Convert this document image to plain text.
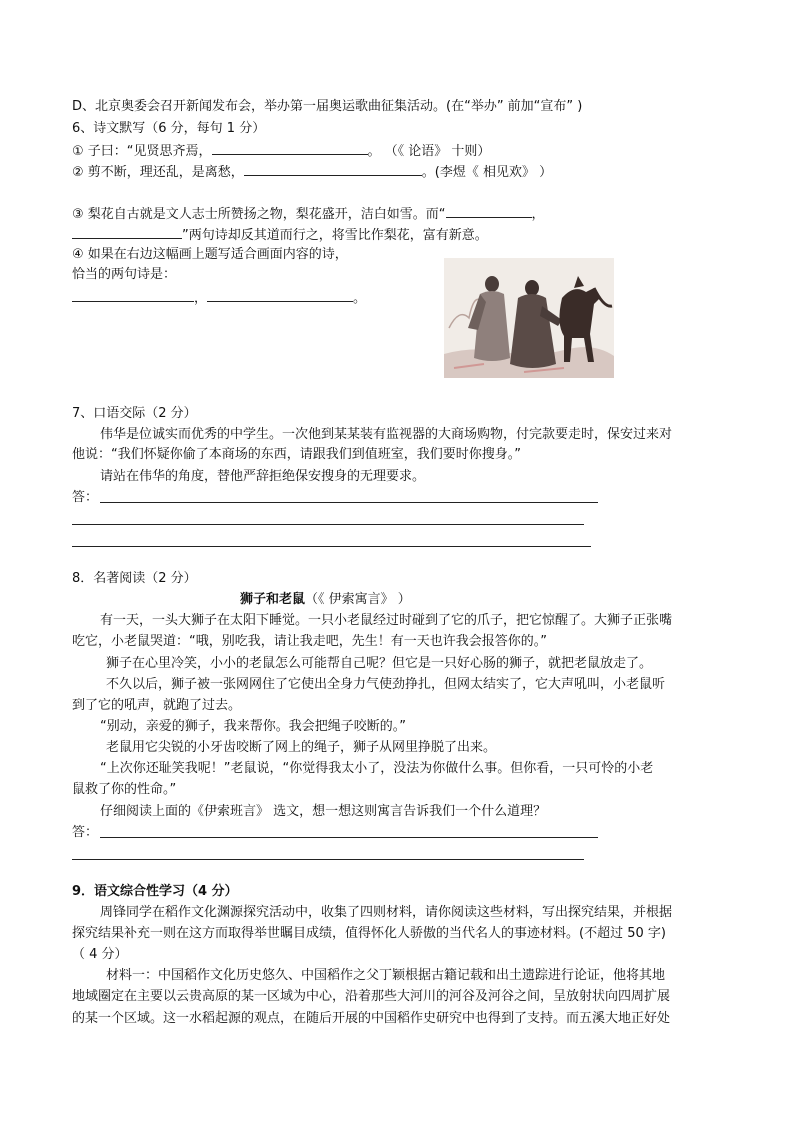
D、北京奥委会召开新闻发布会，举办第一届奥运歌曲征集活动。(在“举办” 前加“宣布” )
6、诗文默写（6 分，每句 1 分）
① 子曰：“见贤思齐焉，	。 （《 论语》 十则）
② 剪不断，理还乱，是离愁，	。(李煜《 相见欢》 ）
③ 梨花自古就是文人志士所赞扬之物，梨花盛开，洁白如雪。而“	，
”两句诗却反其道而行之，将雪比作梨花，富有新意。
④ 如果在右边这幅画上题写适合画面内容的诗，
恰当的两句诗是：
，	。
7、口语交际（2 分）
伟华是位诚实而优秀的中学生。一次他到某某装有监视器的大商场购物，付完款要走时，保安过来对
他说：“我们怀疑你偷了本商场的东西，请跟我们到值班室，我们要时你搜身。”
请站在伟华的角度，替他严辞拒绝保安搜身的无理要求。
答：
8．名著阅读（2 分）
狮子和老鼠（《 伊索寓言》 ）
有一天，一头大狮子在太阳下睡觉。一只小老鼠经过时碰到了它的爪子，把它惊醒了。大狮子正张嘴
吃它，小老鼠哭道：“哦，别吃我，请让我走吧，先生！有一天也许我会报答你的。”
狮子在心里冷笑，小小的老鼠怎么可能帮自己呢？但它是一只好心肠的狮子，就把老鼠放走了。
不久以后，狮子被一张网网住了它使出全身力气使劲挣扎，但网太结实了，它大声吼叫，小老鼠听
到了它的吼声，就跑了过去。
“别动，亲爱的狮子，我来帮你。我会把绳子咬断的。”
老鼠用它尖锐的小牙齿咬断了网上的绳子，狮子从网里挣脱了出来。
“上次你还耻笑我呢！”老鼠说，“你觉得我太小了，没法为你做什么事。但你看，一只可怜的小老
鼠救了你的性命。”
仔细阅读上面的《伊索班言》 选文，想一想这则寓言告诉我们一个什么道理？
答：
9．语文综合性学习（4 分）
周锋同学在稻作文化渊源探究活动中，收集了四则材料，请你阅读这些材料，写出探究结果，并根据
探究结果补充一则在这方而取得举世瞩目成绩，值得怀化人骄傲的当代名人的事迹材料。(不超过 50 字)
（ 4 分）
材料一：中国稻作文化历史悠久、中国稻作之父丁颖根据古籍记载和出土遗踪进行论证，他将其地
地域圈定在主要以云贵高原的某一区域为中心，沿着那些大河川的河谷及河谷之间，呈放射状向四周扩展
的某一个区域。这一水稻起源的观点，在随后开展的中国稻作史研究中也得到了支持。而五溪大地正好处
